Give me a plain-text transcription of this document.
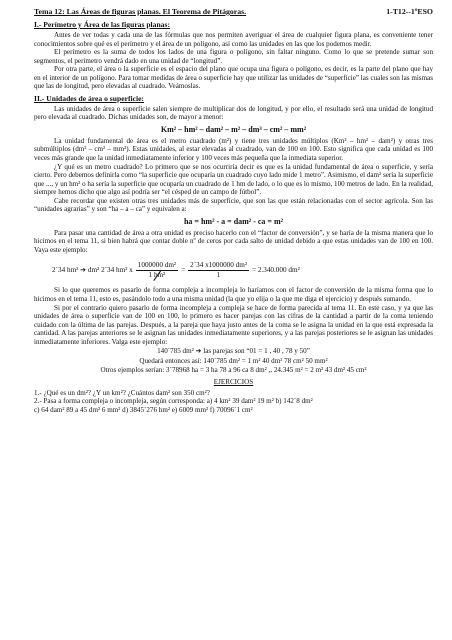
Tema 12: Las Áreas de figuras planas. El Teorema de Pitágoras.	1-T12--1ºESO
I.- Perímetro y Área de las figuras planas:

Antes de ver todas y cada una de las fórmulas que nos permiten averiguar el área de cualquier figura plana, es conveniente tener conocimientos sobre qué es el perímetro y el área de un polígono, así como las unidades en las que los podemos medir.

El perímetro es la suma de todos los lados de una figura o polígono, sin faltar ninguno. Como lo que se pretende sumar son segmentos, el perímetro vendrá dado en una unidad de “longitud”.

Por otra parte, el área o la superficie es el espacio del plano que ocupa una figura o polígono, es decir, es la parte del plano que hay en el interior de un polígono. Para tomar medidas de área o superficie hay que utilizar las unidades de “superficie” las cuales son las mismas que las de longitud, pero elevadas al cuadrado. Veámoslas.

II.- Unidades de área o superficie:

Las unidades de área o superficie salen siempre de multiplicar dos de longitud, y por ello, el resultado será una unidad de longitud pero elevada al cuadrado. Dichas unidades son, de mayor a menor:

Km² – hm² – dam² – m² – dm³ – cm² – mm²

La unidad fundamental de área es el metro cuadrado (m²) y tiene tres unidades múltiplos (Km² – hm² – dam²) y otras tres submúltiplos (dm² – cm² – mm²). Estas unidades, al estar elevadas al cuadrado, van de 100 en 100. Esto significa que cada unidad es 100 veces más grande que la unidad inmediatamente inferior y 100 veces más pequeña que la inmediata superior.

¿Y qué es un metro cuadrado? Lo primero que se nos ocurriría decir es que es la unidad fundamental de área o superficie, y sería cierto. Pero debemos definirla como “la superficie que ocuparía un cuadrado cuyo lado mide 1 metro”. Asimismo, el dam² sería la superficie que ..., y un hm² o ha sería la superficie que ocuparía un cuadrado de 1 hm de lado, o lo que es lo mismo, 100 metros de lado. En la realidad, siempre hemos dicho que algo así podría ser “el césped de un campo de fútbol”.

Cabe recordar que existen otras tres unidades más de superficie, que son las que están relacionadas con el sector agrícola. Son las “unidades agrarias” y son “ha – a – ca” y equivalen a:

ha = hm² - a = dam² - ca = m²

Para pasar una cantidad de área a otra unidad es preciso hacerlo con el “factor de conversión”, y se haría de la misma manera que lo hicimos en el tema 11, si bien habrá que contar doble nº de ceros por cada salto de unidad debido a que estas unidades van de 100 en 100. Vaya este ejemplo:

2´34 hm² ➔ dm² 2´34 hm² x $\frac{\text{1000000 dm²}}{\text{1 hm²}} = \frac{\text{2´34 x1000000 dm²}}{1} = 2.340.000$ dm²

Si lo que queremos es pasarlo de forma compleja a incompleja lo haríamos con el factor de conversión de la misma forma que lo hicimos en el tema 11, esto es, pasándolo todo a una misma unidad (la que yo elija o la que me diga el ejercicio) y después sumando.

Si por el contrario quiero pasarlo de forma incompleja a compleja se hace de forma parecida al tema 11. En este caso, y ya que las unidades de área o superficie van de 100 en 100, lo primero es hacer parejas con las cifras de la cantidad a partir de la coma teniendo cuidado con la última de las parejas. Después, a la pareja que haya justo antes de la coma se le asigna la unidad en la que está expresada la cantidad. A las parejas anteriores se le asignan las unidades inmediatamente superiores, y a las parejas posteriores se le asignan las unidades inmediatamente inferiores. Valga este ejemplo:

140´785 dm² ➔ las parejas son “01 = 1 , 40 , 78 y 50”

Quedará entonces así: 140´785 dm² = 1 m² 40 dm² 78 cm² 50 mm²

Otros ejemplos serían: 3´78968 ha = 3 ha 78 a 96 ca 8 dm² ,, 24.345 m² = 2 m² 43 dm² 45 cm²

EJERCICIOS

1.- ¿Qué es un dm²? ¿Y un km²? ¿Cuántos dam² son 350 cm²?

2.- Pasa a forma compleja o incompleja, según corresponda: a) 4 km² 39 dam² 19 m² b) 142´8 dm²

c) 64 dam² 89 a 45 dm² 6 mm² d) 3845´276 hm² e) 6009 mm² f) 70096´1 cm²
